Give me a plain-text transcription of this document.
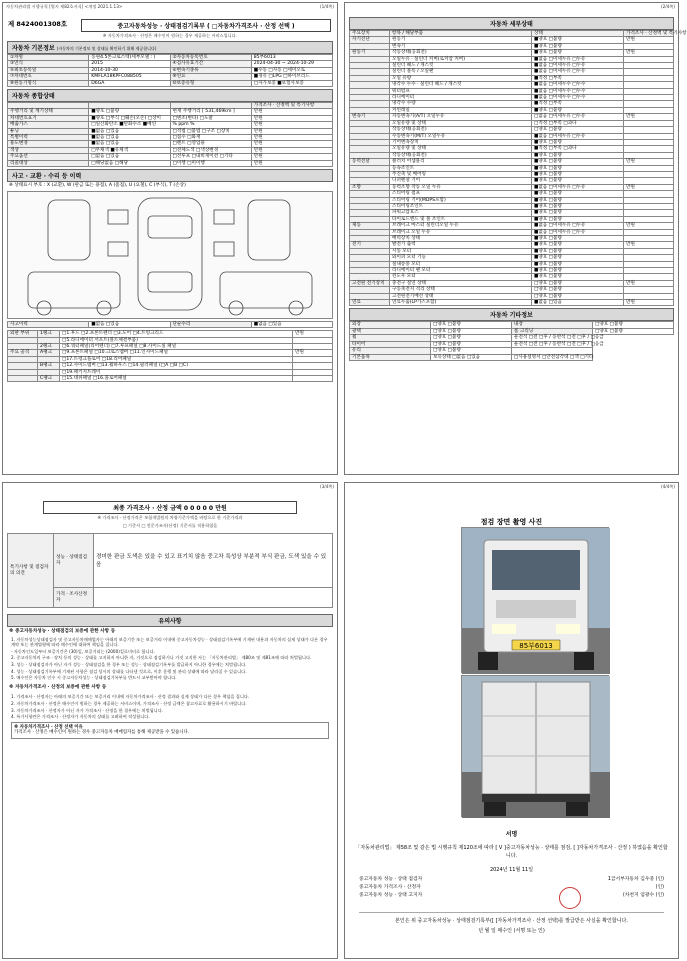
자동차관리법 시행규칙 [별지 제82호서식] <개정 2021.1.13>	(1/4쪽)
제 8424001308호	중고자동차성능 · 상태점검기록부 ( □자동차가격조사 · 산정 선택 )
※ 자동차가격조사 · 산정은 매수인이 원하는 경우 제공하는 서비스입니다.
자동차 기본정보 (자동차의 기본정보 및 상태를 확인하기 위해 제공합니다)
①차명	동원4.5톤크로스텍(세부모델 : )	②자동차등록번호	85부6013
③연식	2015	④검사유효기간	2024-04-30 ~ 2024-10-29
⑤최초등록일	2014-10-30	⑥변속기종류	■수동 □자동 □세미오토
⑦차대번호	KMFLA18KPFC088505	⑧연료	■경유 □LPG □하이브리드
⑨원동기형식	D6GA	⑩보증유형	□자가보증 ■보험사보증
자동차 종합상태
			가격조사 · 산정액 및 특기사항
주행거리 및 계기상태	■양호 □불량	현재 주행거리 [ 531,469km ]	만원
차대번호표기	■양호 □부식 □훼손(오손) □상이	□변조(변타) □도말	만원
배출가스	□일산화탄소 ■탄화수소 ■매연	% ppm %	만원
튜닝	■없음 □있음	□적법 □불법 □구조 □장치	만원
특별이력	■없음 □있음	□침수 □화재	만원
용도변경	■없음 □있음	□렌트 □영업용	만원
색상	□무채색 ■유채색	□전체도색 □색상변경	만원
주요옵션	□없음 □있음	□선루프 □내비게이션 □기타	만원
리콜대상	□해당없음 □해당	□이행 □미이행	만원
사고 · 교환 · 수리 등 이력
※ 상태표시 부호 : X (교환), W (판금 또는 용접), A (흠집), U (요철), C (부식), T (손상)
사고이력	■없음 □있음	단순수리	■없음 □있음
외판 부위	1랭크	□1.후드 □2.프론트펜더 □3.도어 □4.트렁크리드	만원
		□5.라디에이터 서포트(볼트체결부품)	
	2랭크	□6.쿼터패널(리어펜더) □7.루프패널 □8.사이드실 패널	
주요 골격	A랭크	□9.프론트패널 □10.크로스멤버 □11.인사이드패널	만원
		□17.트렁크플로어 □18.리어패널	
	B랭크	□12.사이드멤버 □13.휠하우스 □14.필러패널 (□A □B □C)	
		□19.패키지트레이	
	C랭크	□15.대쉬패널 □16.플로어패널	
(2/4쪽)
자동차 세부상태
주요장치	항목 / 해당부품	상태	가격조사 · 산정액 및 특기사항
자기진단	원동기	■양호 □불량	만원
	변속기	■양호 □불량	
원동기	작동상태(공회전)	■양호 □불량	만원
	오일누유 · 실린더 커버(로커암 커버)	■없음 □미세누유 □누유	
	실린더 헤드 / 개스킷	■없음 □미세누유 □누유	
	실린더 블록 / 오일팬	■없음 □미세누유 □누유	
	오일 유량	■적정 □부족	
	냉각수 누수 · 실린더 헤드 / 개스킷	■없음 □미세누수 □누수	
	워터펌프	■없음 □미세누수 □누수	
	라디에이터	■없음 □미세누수 □누수	
	냉각수 수량	■적정 □부족	
	커먼레일	■양호 □불량	
변속기	자동변속기(A/T) 오일누유	□없음 □미세누유 □누유	만원
	오일유량 및 상태	□적정 □부족 □과다	
	작동상태(공회전)	□양호 □불량	
	수동변속기(M/T) 오일누유	■없음 □미세누유 □누유	
	기어변속장치	■양호 □불량	
	오일유량 및 상태	■적정 □부족 □과다	
	작동상태(공회전)	■양호 □불량	
동력전달	클러치 어셈블리	■양호 □불량	만원
	등속조인트	■양호 □불량	
	추진축 및 베어링	■양호 □불량	
	디퍼렌셜 기어	■양호 □불량	
조향	동력조향 작동 오일 누유	■없음 □미세누유 □누유	만원
	스티어링 펌프	■양호 □불량	
	스티어링 기어(MDPS포함)	■양호 □불량	
	스티어링조인트	■양호 □불량	
	파워고압호스	■양호 □불량	
	타이로드엔드 및 볼 조인트	■양호 □불량	
제동	브레이크 마스터 실린더오일 누유	■없음 □미세누유 □누유	만원
	브레이크 오일 누유	■없음 □미세누유 □누유	
	배력장치 상태	■양호 □불량	
전기	발전기 출력	■양호 □불량	만원
	시동 모터	■양호 □불량	
	와이퍼 모터 기능	■양호 □불량	
	실내송풍 모터	■양호 □불량	
	라디에이터 팬 모터	■양호 □불량	
	윈도우 모터	■양호 □불량	
고전원 전기장치	충전구 절연 상태	□양호 □불량	만원
	구동축전지 격리 상태	□양호 □불량	
	고전원전기배선 상태	□양호 □불량	
연료	연료누출(LP가스포함)	■없음 □있음	만원
자동차 기타정보
외장	□양호 □불량	내장	□양호 □불량
광택	□양호 □불량	룸 크리닝	□양호 □불량
휠	□양호 □불량	운전석 □전 □후 / 동반석 □전 □후 / □응급	
타이어	□양호 □불량	운전석 □전 □후 / 동반석 □전 □후 / □응급	
유리	□양호 □불량		
기본품목	보유상태 □없음 □있음	□사용설명서 □안전삼각대 □잭 □기타	
(3/4쪽)
최종 가격조사 · 산정 금액 0 0 0 0 0 만원
※ 가격조사 · 산정가격은 보험개발원의 차량기준가액을 바탕으로 한 기준가격과
□ 기준서 □ 전문가조사(산정) 기준서를 적용하였음
특기사항 및 점검자의 의견	성능 · 상태점검자	경미한 판금 도색은 있을 수 있고 표기치 않음 중고차 특성상 부분적 부식 판금, 도색 있을 수 있음
	가격 · 조사산정자	
유의사항
※ 중고자동차성능 · 상태점검의 보증에 관한 사항 등
1. 자동차성능상태점검자 및 중고자동차매매업자는 아래의 보증기간 또는 보증거리 이내에 중고자동차성능 · 상태점검기록부에 기재된 내용과 자동차의 실제 상태가 다른 경우 계약 또는 관계법령에 따라 매수인에 대하여 책임을 집니다.
- 자동차인도일부터 보증기간은 (30)일, 보증거리는 (2000)킬로미터로 합니다.
2. 중고자동차의 구조 · 장치 등의 성능 · 상태를 고지하지 아니한 자, 거짓으로 점검하거나 거짓 고지한 자는 「자동차관리법」 제80조 및 제81조에 따라 처벌됩니다.
3. 성능 · 상태점검자가 아닌 자가 성능 · 상태점검을 한 경우 또는 성능 · 상태점검기록부를 발급하지 아니한 경우에는 처벌됩니다.
4. 성능 · 상태점검기록부에 기재된 사항은 점검 당시의 상태를 나타낸 것으로, 이후 운행 및 관리 상태에 따라 달라질 수 있습니다.
5. 매수인은 자동차 인수 시 중고자동차성능 · 상태점검기록부를 반드시 교부받아야 합니다.
※ 자동차가격조사 · 산정의 보증에 관한 사항 등
1. 가격조사 · 산정자는 아래의 보증기간 또는 보증거리 이내에 자동차가격조사 · 산정 결과와 실제 상태가 다른 경우 책임을 집니다.
2. 자동차가격조사 · 산정은 매수인이 원하는 경우 제공하는 서비스이며, 가격조사 · 산정 금액은 참고자료로 활용하시기 바랍니다.
3. 자동차가격조사 · 산정자가 아닌 자가 가격조사 · 산정을 한 경우에는 처벌됩니다.
4. 특기사항란은 가격조사 · 산정자가 자동차의 상태를 고려하여 작성합니다.
※ 자동차가격조사 · 산정 선택 이유
가격조사 · 산정은 매수인이 원하는 경우 중고자동차 매매업자를 통해 제공받을 수 있습니다.
(4/4쪽)
점검 장면 촬영 사진
85부6013
서명
「자동차관리법」 제58조 및 같은 법 시행규칙 제120조에 따라 [ V ]중고자동차성능 · 상태를 점검, [ ]자동차가격조사 · 산정 ) 하였음을 확인합니다.
2024년 11월 11일
중고자동차 성능 · 상태 점검자	1급서부자동차 김우중 (인)
중고자동차 가격조사 · 산정자	(인)
중고자동차 성능 · 상태 고지자	(차천지 엄광수 (인)
본인은 위 중고자동차성능 · 상태점검기록부([ ]자동차가격조사 · 산정 선택)를 발급받은 사실을 확인합니다.
년 월 일 매수인 (서명 또는 인)
